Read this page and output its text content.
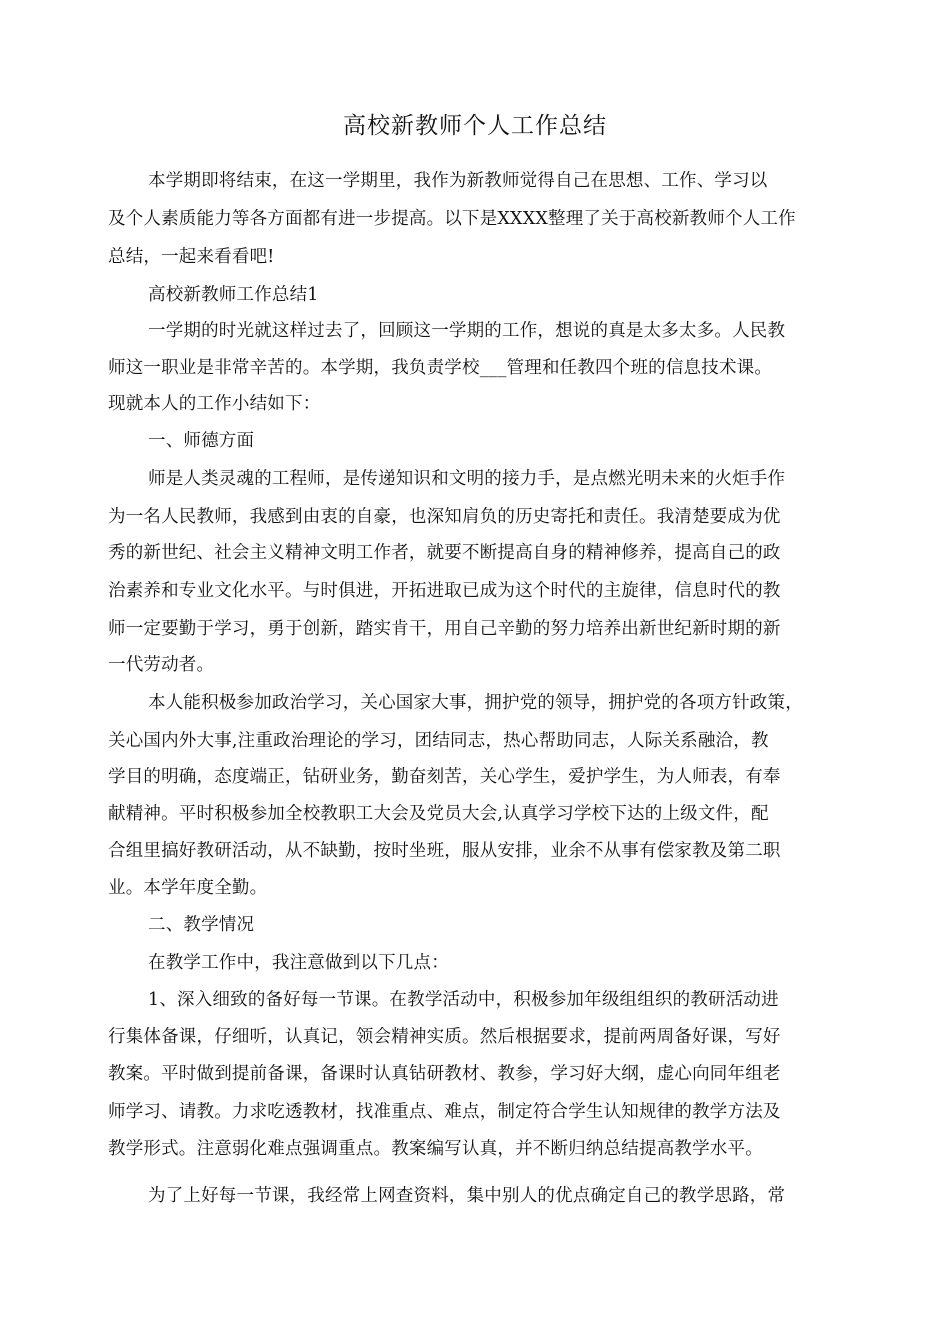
高校新教师个人工作总结
本学期即将结束，在这一学期里，我作为新教师觉得自己在思想、工作、学习以
及个人素质能力等各方面都有进一步提高。以下是XXXX整理了关于高校新教师个人工作
总结，一起来看看吧!
高校新教师工作总结1
一学期的时光就这样过去了，回顾这一学期的工作，想说的真是太多太多。人民教
师这一职业是非常辛苦的。本学期，我负责学校___管理和任教四个班的信息技术课。
现就本人的工作小结如下：
一、师德方面
师是人类灵魂的工程师，是传递知识和文明的接力手，是点燃光明未来的火炬手作
为一名人民教师，我感到由衷的自豪，也深知肩负的历史寄托和责任。我清楚要成为优
秀的新世纪、社会主义精神文明工作者，就要不断提高自身的精神修养，提高自己的政
治素养和专业文化水平。与时俱进，开拓进取已成为这个时代的主旋律，信息时代的教
师一定要勤于学习，勇于创新，踏实肯干，用自己辛勤的努力培养出新世纪新时期的新
一代劳动者。
本人能积极参加政治学习，关心国家大事，拥护党的领导，拥护党的各项方针政策，
关心国内外大事,注重政治理论的学习，团结同志，热心帮助同志，人际关系融洽，教
学目的明确，态度端正，钻研业务，勤奋刻苦，关心学生，爱护学生，为人师表，有奉
献精神。平时积极参加全校教职工大会及党员大会,认真学习学校下达的上级文件，配
合组里搞好教研活动，从不缺勤，按时坐班，服从安排，业余不从事有偿家教及第二职
业。本学年度全勤。
二、教学情况
在教学工作中，我注意做到以下几点：
1、深入细致的备好每一节课。在教学活动中，积极参加年级组组织的教研活动进
行集体备课，仔细听，认真记，领会精神实质。然后根据要求，提前两周备好课，写好
教案。平时做到提前备课，备课时认真钻研教材、教参，学习好大纲，虚心向同年组老
师学习、请教。力求吃透教材，找准重点、难点，制定符合学生认知规律的教学方法及
教学形式。注意弱化难点强调重点。教案编写认真，并不断归纳总结提高教学水平。
为了上好每一节课，我经常上网查资料，集中别人的优点确定自己的教学思路，常
